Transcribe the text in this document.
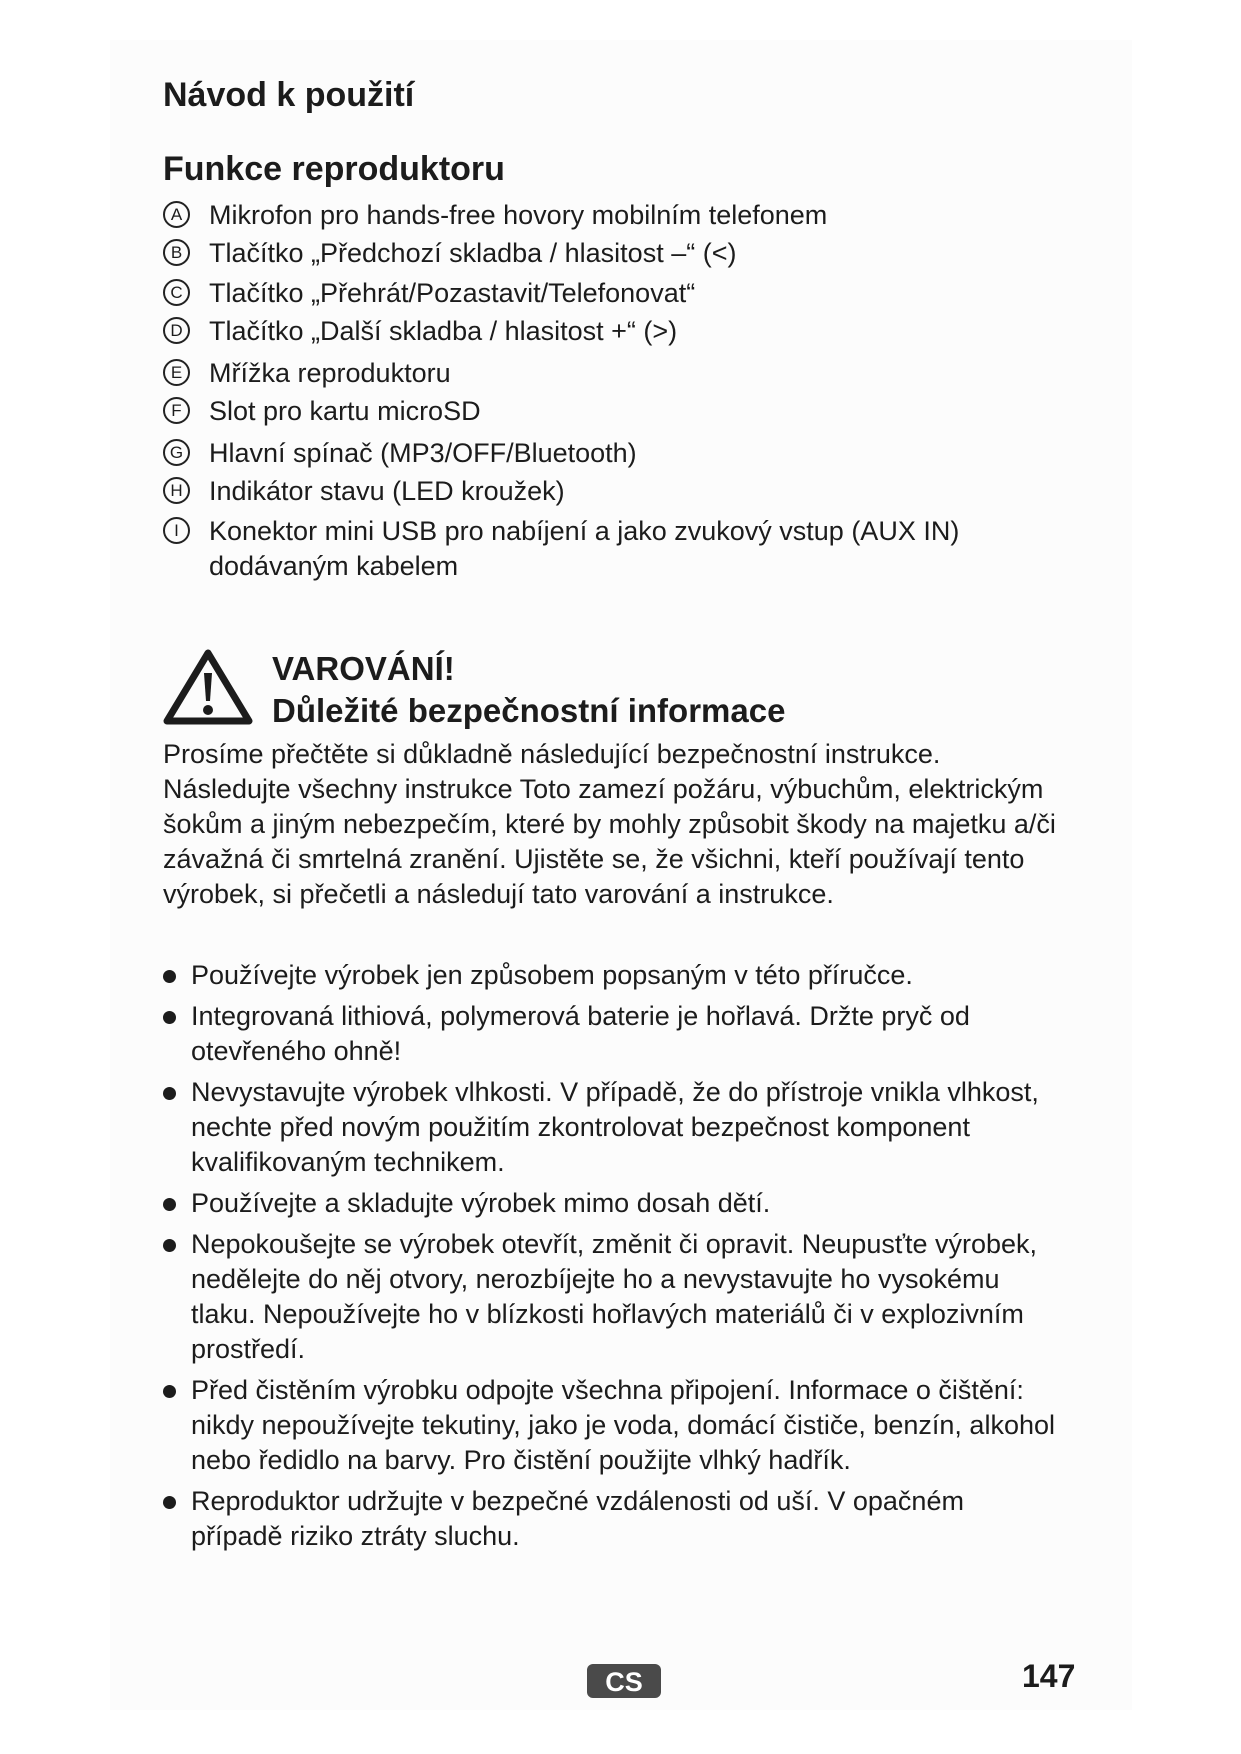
Návod k použití
Funkce reproduktoru
A Mikrofon pro hands-free hovory mobilním telefonem
B Tlačítko „Předchozí skladba / hlasitost –“ (<)
C Tlačítko „Přehrát/Pozastavit/Telefonovat“
D Tlačítko „Další skladba / hlasitost +“ (>)
E Mřížka reproduktoru
F	Slot pro kartu microSD
G Hlavní spínač (MP3/OFF/Bluetooth)
H Indikátor stavu (LED kroužek)
I	Konektor mini USB pro nabíjení a jako zvukový vstup (AUX IN) dodávaným kabelem
VAROVÁNÍ!
Důležité bezpečnostní informace

Prosíme přečtěte si důkladně následující bezpečnostní instrukce. Následujte všechny instrukce Toto zamezí požáru, výbuchům, elektrickým šokům a jiným nebezpečím, které by mohly způsobit škody na majetku a/či závažná či smrtelná zranění. Ujistěte se, že všichni, kteří používají tento výrobek, si přečetli a následují tato varování a instrukce.

Používejte výrobek jen způsobem popsaným v této příručce.
Integrovaná lithiová, polymerová baterie je hořlavá. Držte pryč od otevřeného ohně!
Nevystavujte výrobek vlhkosti. V případě, že do přístroje vnikla vlhkost, nechte před novým použitím zkontrolovat bezpečnost komponent kvalifikovaným technikem.
Používejte a skladujte výrobek mimo dosah dětí.
Nepokoušejte se výrobek otevřít, změnit či opravit. Neupusťte výrobek, nedělejte do něj otvory, nerozbíjejte ho a nevystavujte ho vysokému tlaku. Nepoužívejte ho v blízkosti hořlavých materiálů či v explozivním prostředí.
Před čistěním výrobku odpojte všechna připojení. Informace o čištění: nikdy nepoužívejte tekutiny, jako je voda, domácí čističe, benzín, alkohol nebo ředidlo na barvy. Pro čistění použijte vlhký hadřík.
Reproduktor udržujte v bezpečné vzdálenosti od uší. V opačném případě riziko ztráty sluchu.
CS	147
